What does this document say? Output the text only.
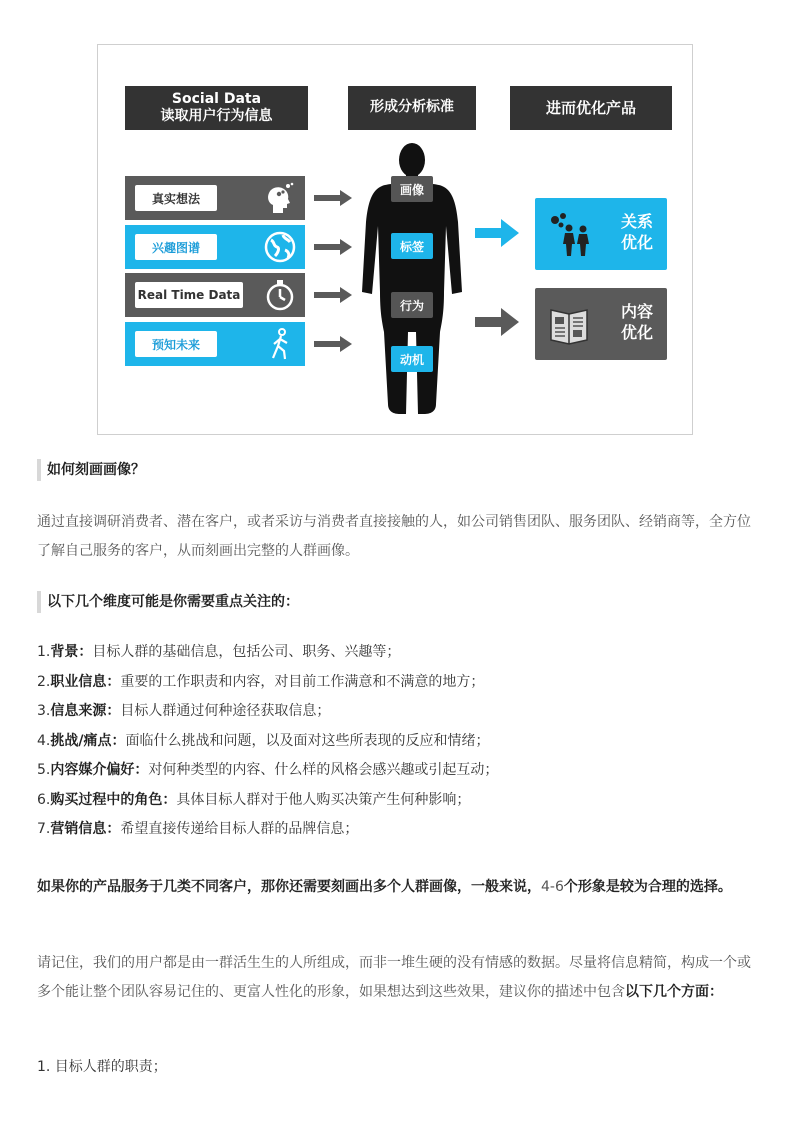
Social Data
读取用户行为信息
形成分析标准	进而优化产品
真实想法
兴趣图谱
Real Time Data
预知未来
画像
标签
行为
动机
关系
优化
内容
优化
如何刻画画像？
通过直接调研消费者、潜在客户，或者采访与消费者直接接触的人，如公司销售团队、服务团队、经销商等，全方位了解自己服务的客户，从而刻画出完整的人群画像。
以下几个维度可能是你需要重点关注的：
1.背景：目标人群的基础信息，包括公司、职务、兴趣等；
2.职业信息：重要的工作职责和内容，对目前工作满意和不满意的地方；
3.信息来源：目标人群通过何种途径获取信息；
4.挑战/痛点：面临什么挑战和问题，以及面对这些所表现的反应和情绪；
5.内容媒介偏好：对何种类型的内容、什么样的风格会感兴趣或引起互动；
6.购买过程中的角色：具体目标人群对于他人购买决策产生何种影响；
7.营销信息：希望直接传递给目标人群的品牌信息；
如果你的产品服务于几类不同客户，那你还需要刻画出多个人群画像，一般来说，4-6个形象是较为合理的选择。
请记住，我们的用户都是由一群活生生的人所组成，而非一堆生硬的没有情感的数据。尽量将信息精简，构成一个或多个能让整个团队容易记住的、更富人性化的形象，如果想达到这些效果，建议你的描述中包含以下几个方面：
1. 目标人群的职责；
